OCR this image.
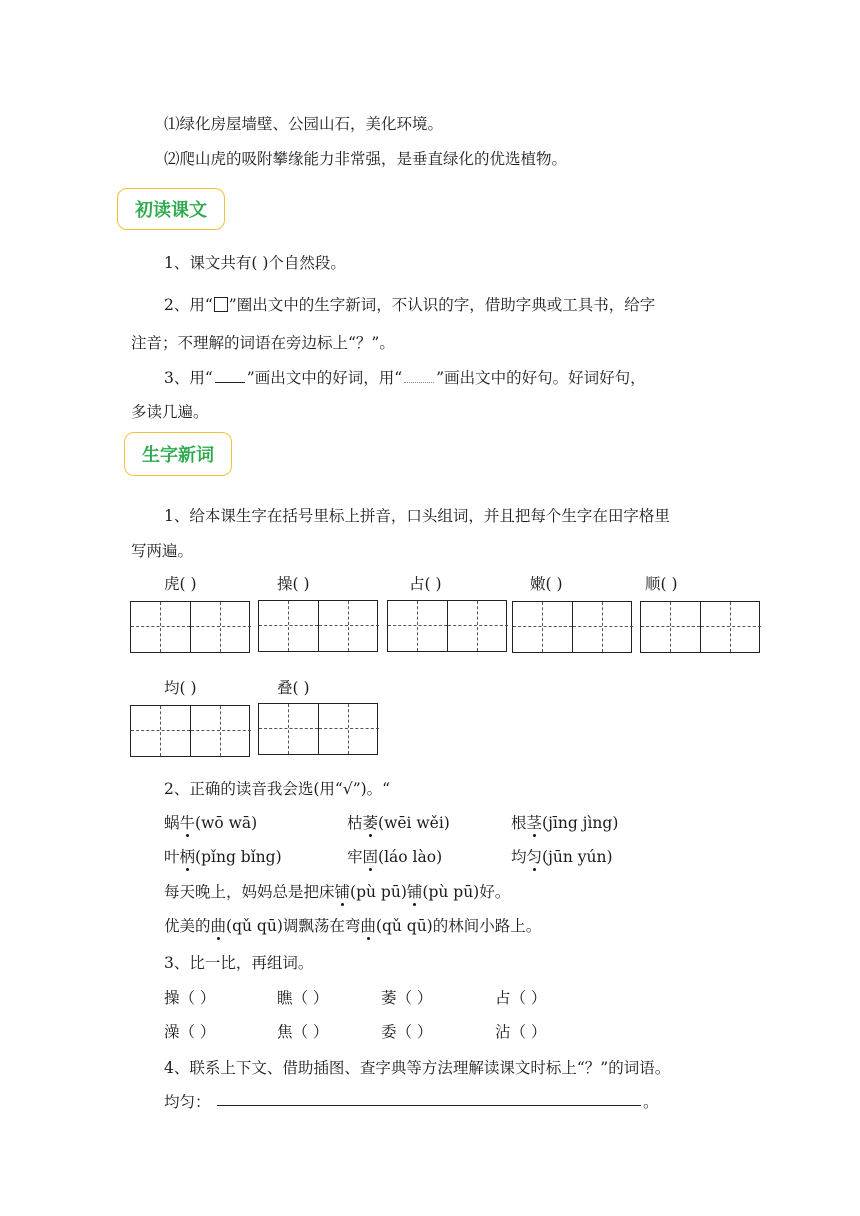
⑴绿化房屋墙壁、公园山石，美化环境。
⑵爬山虎的吸附攀缘能力非常强，是垂直绿化的优选植物。
初读课文
1、课文共有( )个自然段。
2、用“○”圈出文中的生字新词，不认识的字，借助字典或工具书，给字
注音；不理解的词语在旁边标上“？”。
3、用“ ”画出文中的好词，用“ ”画出文中的好句。好词好句，
多读几遍。
生字新词
1、给本课生字在括号里标上拼音，口头组词，并且把每个生字在田字格里
写两遍。
虎( )	操( )	占( )	嫩( )	顺( )
均( )	叠( )
2、正确的读音我会选(用“√”)。“
蜗牛(wō wā)	枯萎(wēi wěi)	根茎(jīng jìng)
叶柄(pǐng bǐng)	牢固(láo lào)	均匀(jūn yún)
每天晚上，妈妈总是把床铺(pù pū)铺(pù pū)好。
优美的曲(qǔ qū)调飘荡在弯曲(qǔ qū)的林间小路上。
3、比一比，再组词。
操（ ）	瞧（ ）	萎（ ）	占（ ）
澡（ ）	焦（ ）	委（ ）	沾（ ）
4、联系上下文、借助插图、查字典等方法理解读课文时标上“？”的词语。
均匀：	。
